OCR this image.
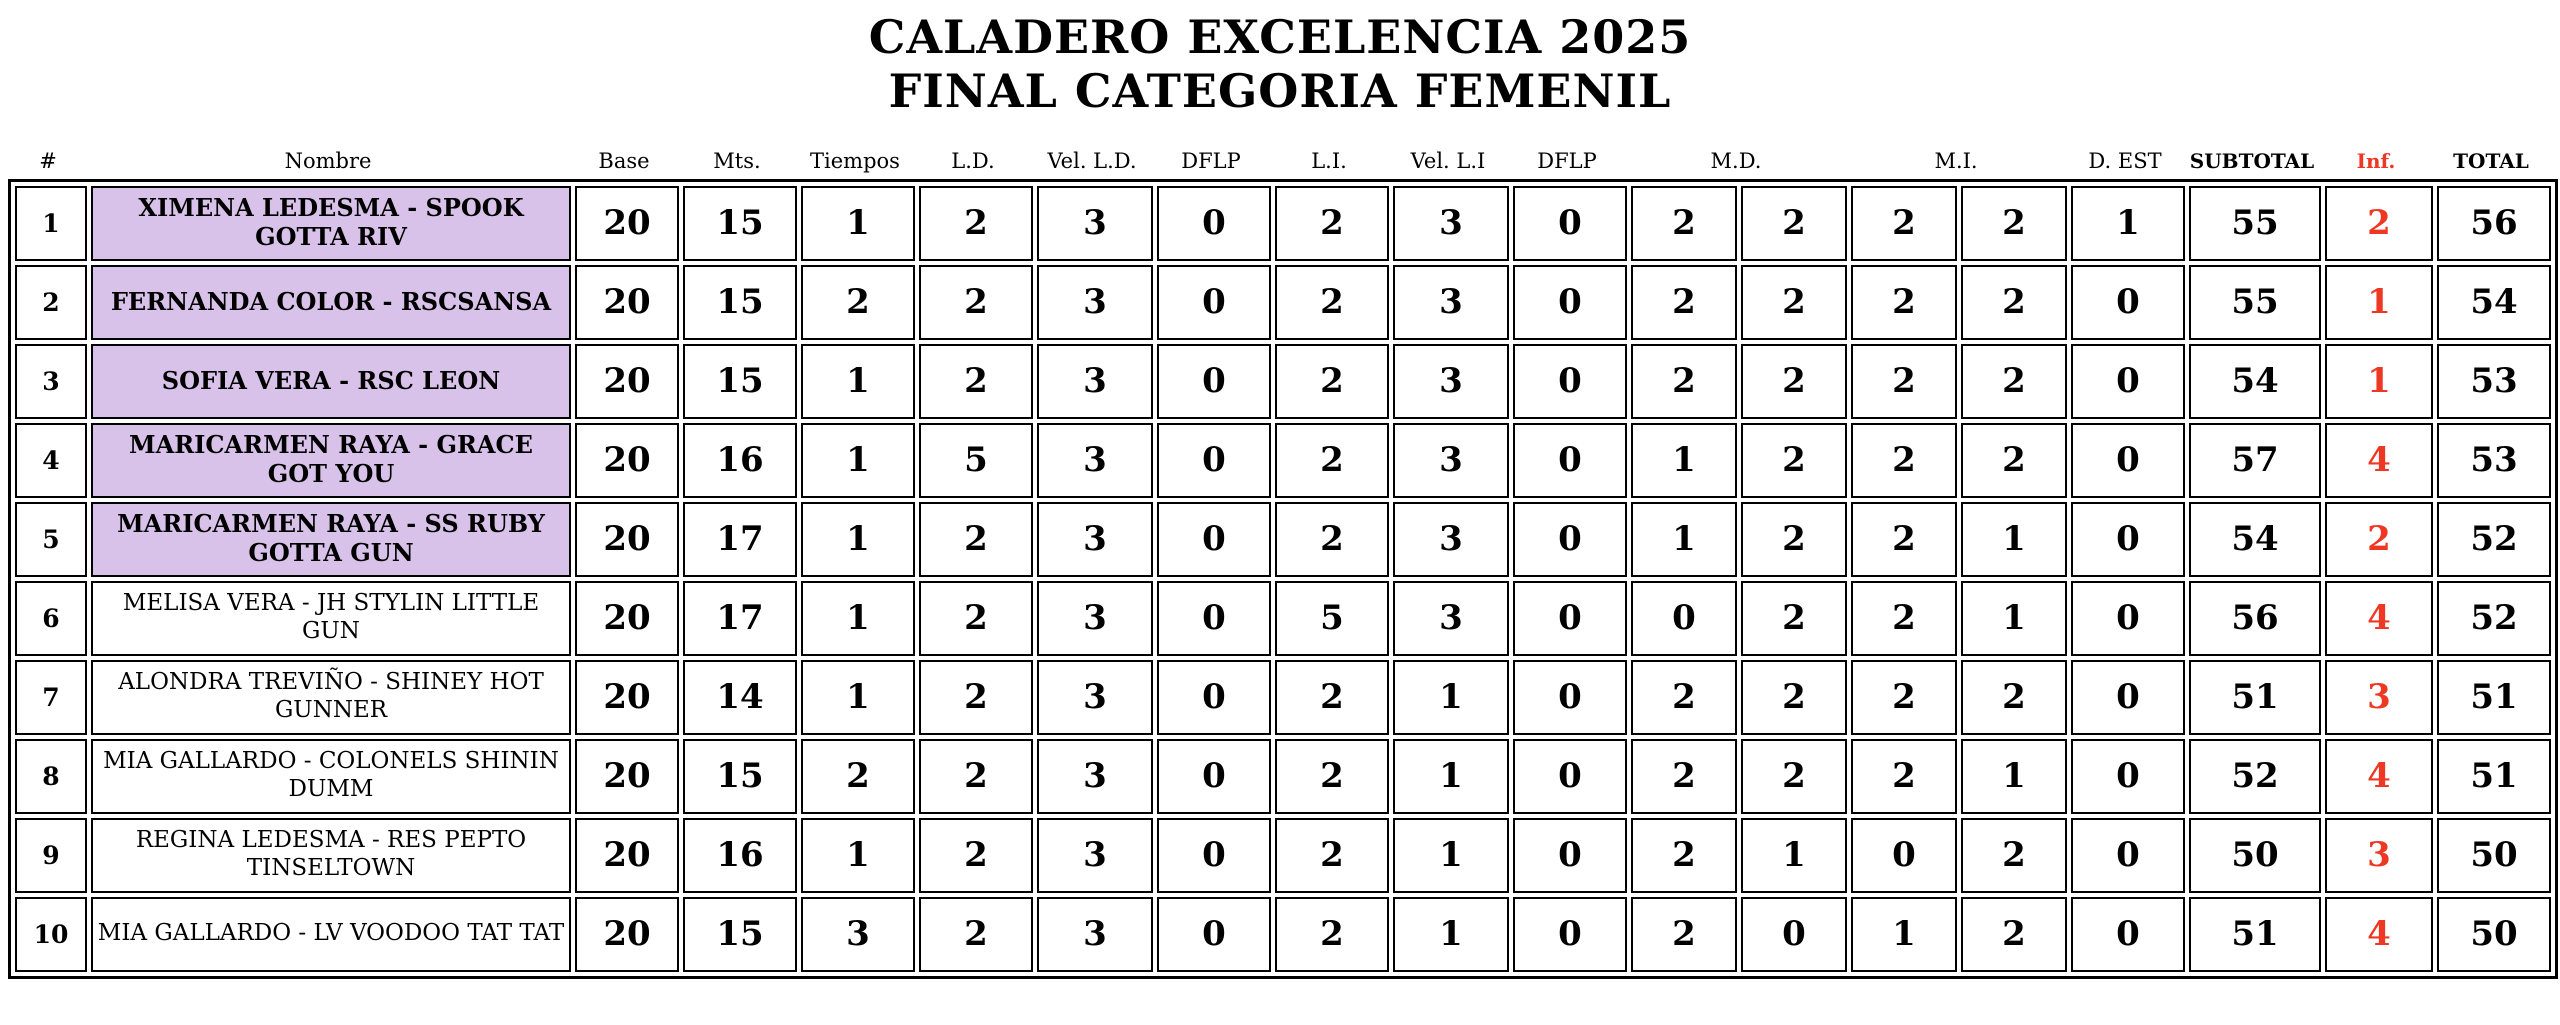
CALADERO EXCELENCIA 2025
FINAL CATEGORIA FEMENIL
#	Nombre	Base	Mts.	Tiempos	L.D.	Vel. L.D.	DFLP	L.I.	Vel. L.I	DFLP	M.D.	M.I.	D. EST	SUBTOTAL	Inf.	TOTAL
1	XIMENA LEDESMA - SPOOK GOTTA RIV	20	15	1	2	3	0	2	3	0	2	2	2	2	1	55	2	56
2	FERNANDA COLOR - RSCSANSA	20	15	2	2	3	0	2	3	0	2	2	2	2	0	55	1	54
3	SOFIA VERA - RSC LEON	20	15	1	2	3	0	2	3	0	2	2	2	2	0	54	1	53
4	MARICARMEN RAYA - GRACE GOT YOU	20	16	1	5	3	0	2	3	0	1	2	2	2	0	57	4	53
5	MARICARMEN RAYA - SS RUBY GOTTA GUN	20	17	1	2	3	0	2	3	0	1	2	2	1	0	54	2	52
6	MELISA VERA - JH STYLIN LITTLE GUN	20	17	1	2	3	0	5	3	0	0	2	2	1	0	56	4	52
7	ALONDRA TREVIÑO - SHINEY HOT GUNNER	20	14	1	2	3	0	2	1	0	2	2	2	2	0	51	3	51
8	MIA GALLARDO - COLONELS SHININ DUMM	20	15	2	2	3	0	2	1	0	2	2	2	1	0	52	4	51
9	REGINA LEDESMA - RES PEPTO TINSELTOWN	20	16	1	2	3	0	2	1	0	2	1	0	2	0	50	3	50
10	MIA GALLARDO - LV VOODOO TAT TAT	20	15	3	2	3	0	2	1	0	2	0	1	2	0	51	4	50
